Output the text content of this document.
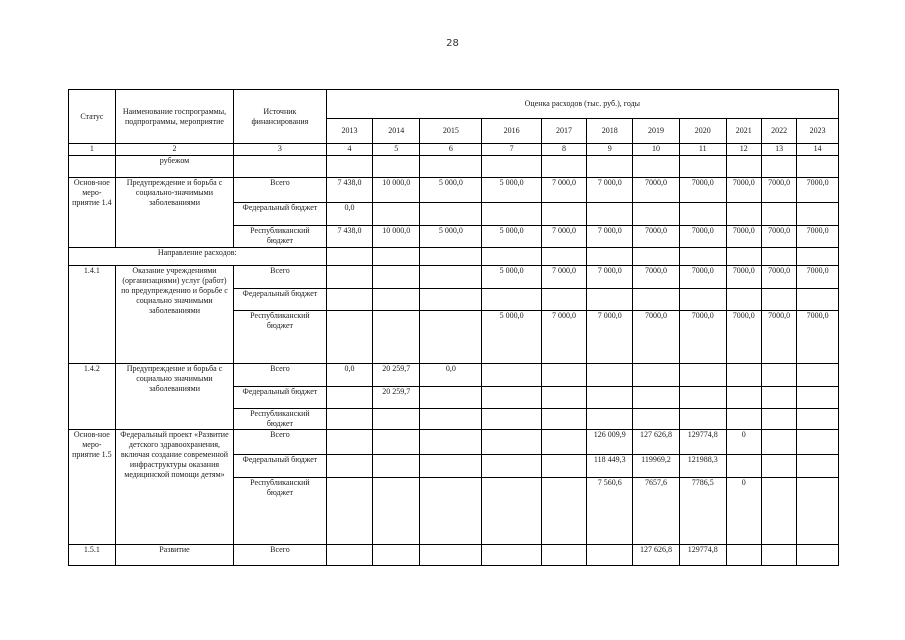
28
Статус	Наименование госпрограммы, подпрограммы, мероприятие	Источник финансирования	Оценка расходов (тыс. руб.), годы										
			2013	2014	2015	2016	2017	2018	2019	2020	2021	2022	2023
1	2	3	4	5	6	7	8	9	10	11	12	13	14
	рубежом												
Основ-ное меро-приятие 1.4	Предупреждение и борьба с социально-значимыми заболеваниями	Всего	7 438,0	10 000,0	5 000,0	5 000,0	7 000,0	7 000,0	7000,0	7000,0	7000,0	7000,0	7000,0
		Федеральный бюджет	0,0										
		Республиканский бюджет	7 438,0	10 000,0	5 000,0	5 000,0	7 000,0	7 000,0	7000,0	7000,0	7000,0	7000,0	7000,0
Направление расходов:													
1.4.1	Оказание учреждениями (организациями) услуг (работ) по предупреждению и борьбе с социально значимыми заболеваниями	Всего				5 000,0	7 000,0	7 000,0	7000,0	7000,0	7000,0	7000,0	7000,0
		Федеральный бюджет											
		Республиканский бюджет				5 000,0	7 000,0	7 000,0	7000,0	7000,0	7000,0	7000,0	7000,0
1.4.2	Предупреждение и борьба с социально значимыми заболеваниями	Всего	0,0	20 259,7	0,0								
		Федеральный бюджет		20 259,7									
		Республиканский бюджет											
Основ-ное меро-приятие 1.5	Федеральный проект «Развитие детского здравоохранения, включая создание современной инфраструктуры оказания медицинской помощи детям»	Всего						126 009,9	127 626,8	129774,8	0		
		Федеральный бюджет						118 449,3	119969,2	121988,3			
		Республиканский бюджет						7 560,6	7657,6	7786,5	0		
1.5.1	Развитие	Всего							127 626,8	129774,8			
